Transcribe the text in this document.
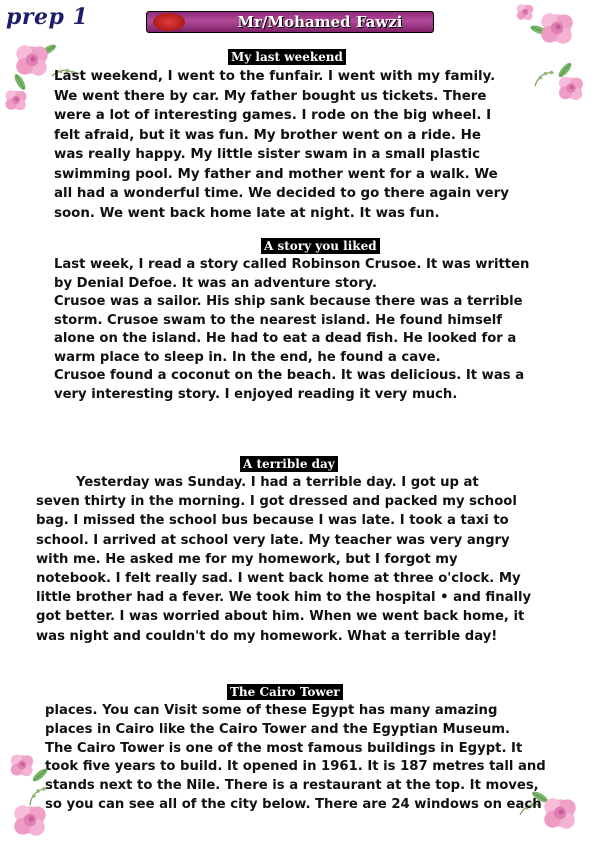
prep 1	Mr/Mohamed Fawzi
My last weekend
Last weekend, I went to the funfair. I went with my family.
We went there by car. My father bought us tickets. There
were a lot of interesting games. I rode on the big wheel. I
felt afraid, but it was fun. My brother went on a ride. He
was really happy. My little sister swam in a small plastic
swimming pool. My father and mother went for a walk. We
all had a wonderful time. We decided to go there again very
soon. We went back home late at night. It was fun.
A story you liked
Last week, I read a story called Robinson Crusoe. It was written
by Denial Defoe. It was an adventure story.
Crusoe was a sailor. His ship sank because there was a terrible
storm. Crusoe swam to the nearest island. He found himself
alone on the island. He had to eat a dead fish. He looked for a
warm place to sleep in. In the end, he found a cave.
Crusoe found a coconut on the beach. It was delicious. It was a
very interesting story. I enjoyed reading it very much.
A terrible day
Yesterday was Sunday. I had a terrible day. I got up at
seven thirty in the morning. I got dressed and packed my school
bag. I missed the school bus because I was late. I took a taxi to
school. I arrived at school very late. My teacher was very angry
with me. He asked me for my homework, but I forgot my
notebook. I felt really sad. I went back home at three o'clock. My
little brother had a fever. We took him to the hospital • and finally
got better. I was worried about him. When we went back home, it
was night and couldn't do my homework. What a terrible day!
The Cairo Tower
places. You can Visit some of these Egypt has many amazing
places in Cairo like the Cairo Tower and the Egyptian Museum.
The Cairo Tower is one of the most famous buildings in Egypt. It
took five years to build. It opened in 1961. It is 187 metres tall and
stands next to the Nile. There is a restaurant at the top. It moves,
so you can see all of the city below. There are 24 windows on each
